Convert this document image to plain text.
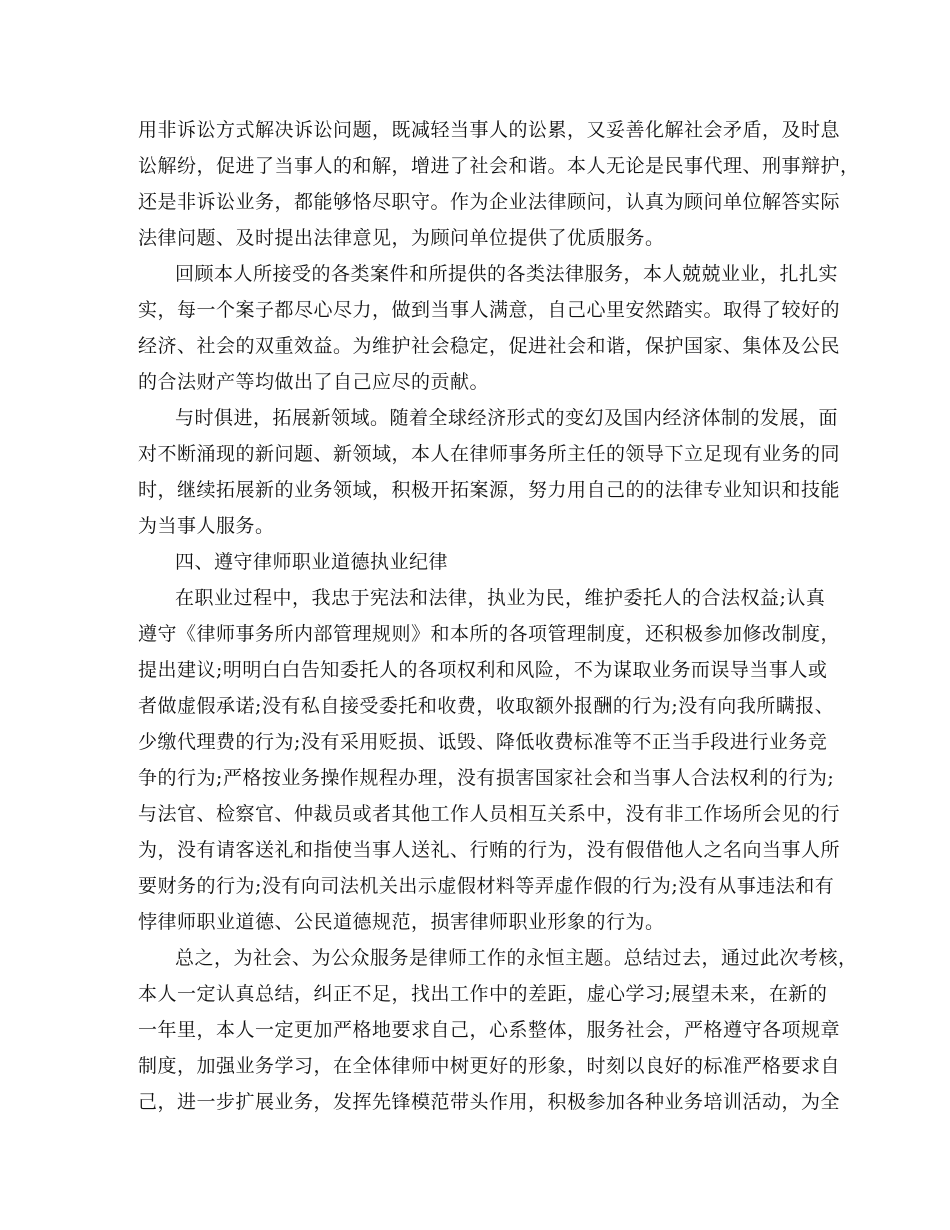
用非诉讼方式解决诉讼问题，既减轻当事人的讼累，又妥善化解社会矛盾，及时息

讼解纷，促进了当事人的和解，增进了社会和谐。本人无论是民事代理、刑事辩护，

还是非诉讼业务，都能够恪尽职守。作为企业法律顾问，认真为顾问单位解答实际

法律问题、及时提出法律意见，为顾问单位提供了优质服务。

回顾本人所接受的各类案件和所提供的各类法律服务，本人兢兢业业，扎扎实

实，每一个案子都尽心尽力，做到当事人满意，自己心里安然踏实。取得了较好的

经济、社会的双重效益。为维护社会稳定，促进社会和谐，保护国家、集体及公民

的合法财产等均做出了自己应尽的贡献。

与时俱进，拓展新领域。随着全球经济形式的变幻及国内经济体制的发展，面

对不断涌现的新问题、新领域，本人在律师事务所主任的领导下立足现有业务的同

时，继续拓展新的业务领域，积极开拓案源，努力用自己的的法律专业知识和技能

为当事人服务。

四、遵守律师职业道德执业纪律

在职业过程中，我忠于宪法和法律，执业为民，维护委托人的合法权益;认真

遵守《律师事务所内部管理规则》和本所的各项管理制度，还积极参加修改制度，

提出建议;明明白白告知委托人的各项权利和风险，不为谋取业务而误导当事人或

者做虚假承诺;没有私自接受委托和收费，收取额外报酬的行为;没有向我所瞒报、

少缴代理费的行为;没有采用贬损、诋毁、降低收费标准等不正当手段进行业务竞

争的行为;严格按业务操作规程办理，没有损害国家社会和当事人合法权利的行为;

与法官、检察官、仲裁员或者其他工作人员相互关系中，没有非工作场所会见的行

为，没有请客送礼和指使当事人送礼、行贿的行为，没有假借他人之名向当事人所

要财务的行为;没有向司法机关出示虚假材料等弄虚作假的行为;没有从事违法和有

悖律师职业道德、公民道德规范，损害律师职业形象的行为。

总之，为社会、为公众服务是律师工作的永恒主题。总结过去，通过此次考核，

本人一定认真总结，纠正不足，找出工作中的差距，虚心学习;展望未来，在新的

一年里，本人一定更加严格地要求自己，心系整体，服务社会，严格遵守各项规章

制度，加强业务学习，在全体律师中树更好的形象，时刻以良好的标准严格要求自

己，进一步扩展业务，发挥先锋模范带头作用，积极参加各种业务培训活动，为全
